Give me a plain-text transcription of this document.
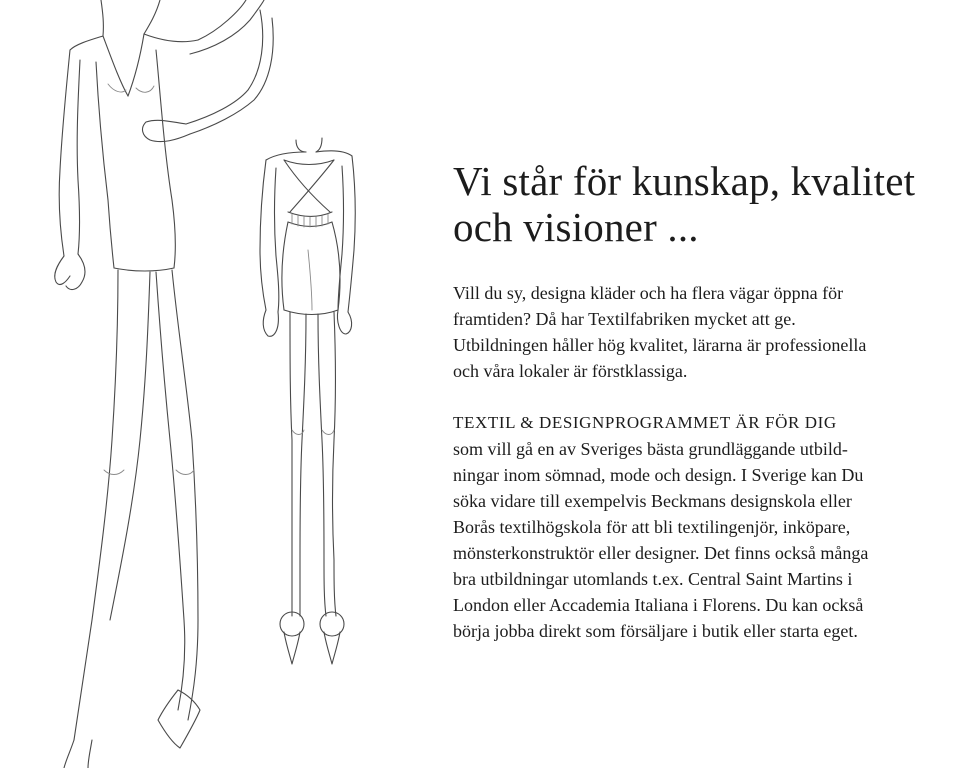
Vi står för kunskap, kvalitet
och visioner ...

Vill du sy, designa kläder och ha flera vägar öppna för
framtiden? Då har Textilfabriken mycket att ge.
Utbildningen håller hög kvalitet, lärarna är professionella
och våra lokaler är förstklassiga.

TEXTIL & DESIGNPROGRAMMET ÄR FÖR DIG
som vill gå en av Sveriges bästa grundläggande utbild-
ningar inom sömnad, mode och design. I Sverige kan Du
söka vidare till exempelvis Beckmans designskola eller
Borås textilhögskola för att bli textilingenjör, inköpare,
mönsterkonstruktör eller designer. Det finns också många
bra utbildningar utomlands t.ex. Central Saint Martins i
London eller Accademia Italiana i Florens. Du kan också
börja jobba direkt som försäljare i butik eller starta eget.
